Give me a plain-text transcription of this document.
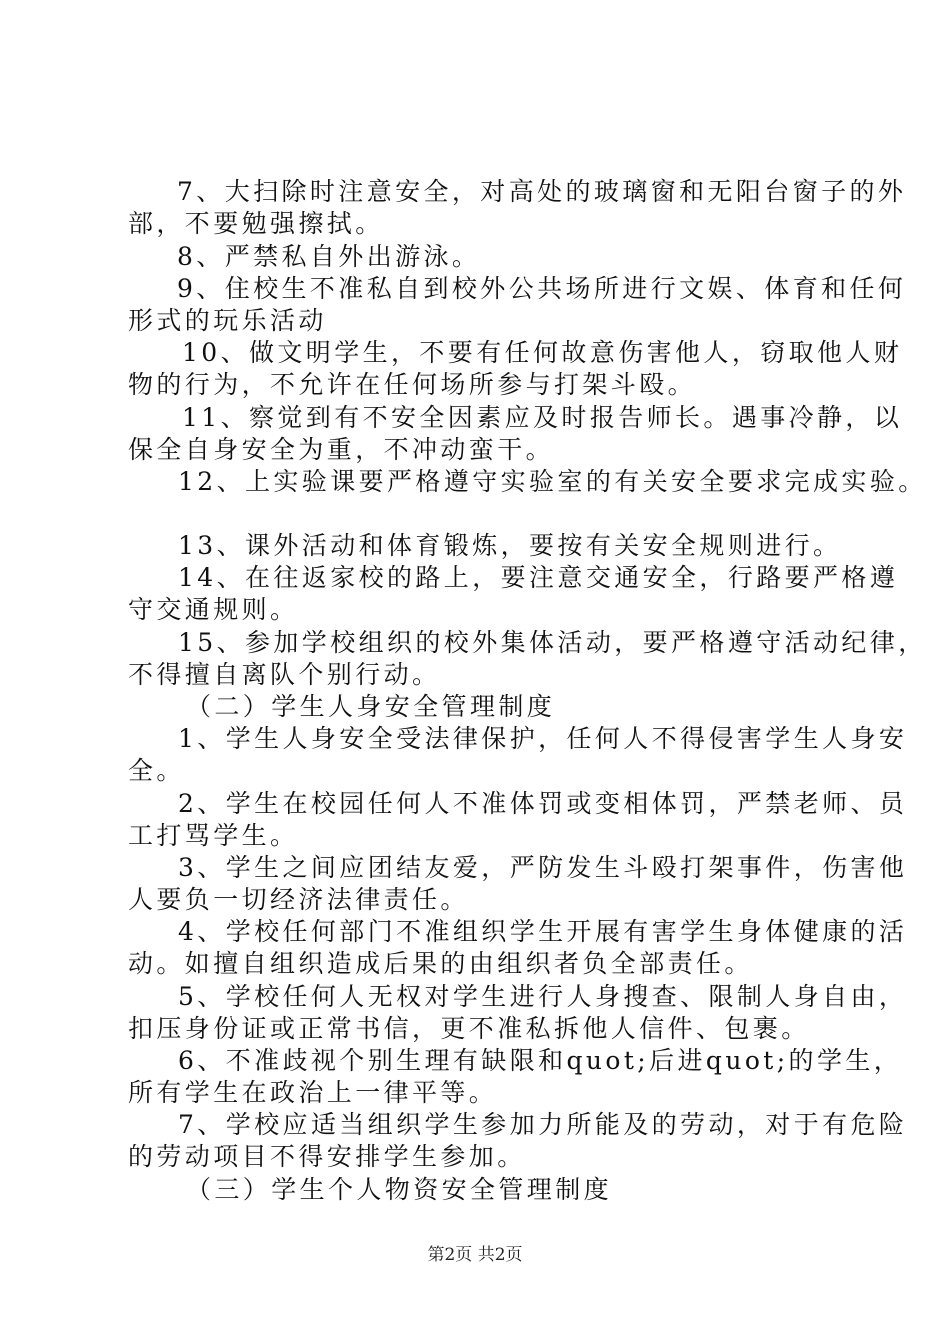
7、大扫除时注意安全，对高处的玻璃窗和无阳台窗子的外
部，不要勉强擦拭。
8、严禁私自外出游泳。
9、住校生不准私自到校外公共场所进行文娱、体育和任何
形式的玩乐活动
10、做文明学生，不要有任何故意伤害他人，窃取他人财
物的行为，不允许在任何场所参与打架斗殴。
11、察觉到有不安全因素应及时报告师长。遇事冷静，以
保全自身安全为重，不冲动蛮干。
12、上实验课要严格遵守实验室的有关安全要求完成实验。
13、课外活动和体育锻炼，要按有关安全规则进行。
14、在往返家校的路上，要注意交通安全，行路要严格遵
守交通规则。
15、参加学校组织的校外集体活动，要严格遵守活动纪律，
不得擅自离队个别行动。
（二）学生人身安全管理制度
1、学生人身安全受法律保护，任何人不得侵害学生人身安
全。
2、学生在校园任何人不准体罚或变相体罚，严禁老师、员
工打骂学生。
3、学生之间应团结友爱，严防发生斗殴打架事件，伤害他
人要负一切经济法律责任。
4、学校任何部门不准组织学生开展有害学生身体健康的活
动。如擅自组织造成后果的由组织者负全部责任。
5、学校任何人无权对学生进行人身搜查、限制人身自由，
扣压身份证或正常书信，更不准私拆他人信件、包裹。
6、不准歧视个别生理有缺限和quot;后进quot;的学生，
所有学生在政治上一律平等。
7、学校应适当组织学生参加力所能及的劳动，对于有危险
的劳动项目不得安排学生参加。
（三）学生个人物资安全管理制度
第2页 共2页
